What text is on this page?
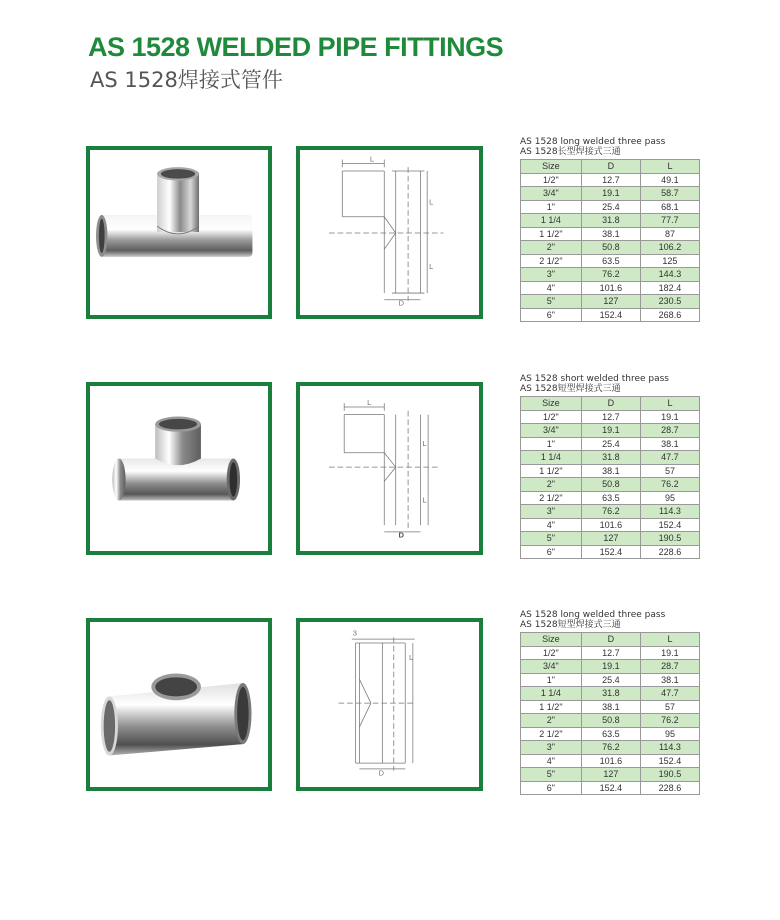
AS 1528 WELDED PIPE FITTINGS
AS 1528焊接式管件
L
L
L
D
AS 1528 long welded three pass
AS 1528长型焊接式三通
Size	D	L
1/2"	12.7	49.1
3/4"	19.1	58.7
1"	25.4	68.1
1 1/4	31.8	77.7
1 1/2"	38.1	87
2"	50.8	106.2
2 1/2"	63.5	125
3"	76.2	144.3
4"	101.6	182.4
5"	127	230.5
6"	152.4	268.6
L
L
L
D
AS 1528 short welded three pass
AS 1528短型焊接式三通
Size	D	L
1/2"	12.7	19.1
3/4"	19.1	28.7
1"	25.4	38.1
1 1/4	31.8	47.7
1 1/2"	38.1	57
2"	50.8	76.2
2 1/2"	63.5	95
3"	76.2	114.3
4"	101.6	152.4
5"	127	190.5
6"	152.4	228.6
3
L
D
AS 1528 long welded three pass
AS 1528短型焊接式三通
Size	D	L
1/2"	12.7	19.1
3/4"	19.1	28.7
1"	25.4	38.1
1 1/4	31.8	47.7
1 1/2"	38.1	57
2"	50.8	76.2
2 1/2"	63.5	95
3"	76.2	114.3
4"	101.6	152.4
5"	127	190.5
6"	152.4	228.6
